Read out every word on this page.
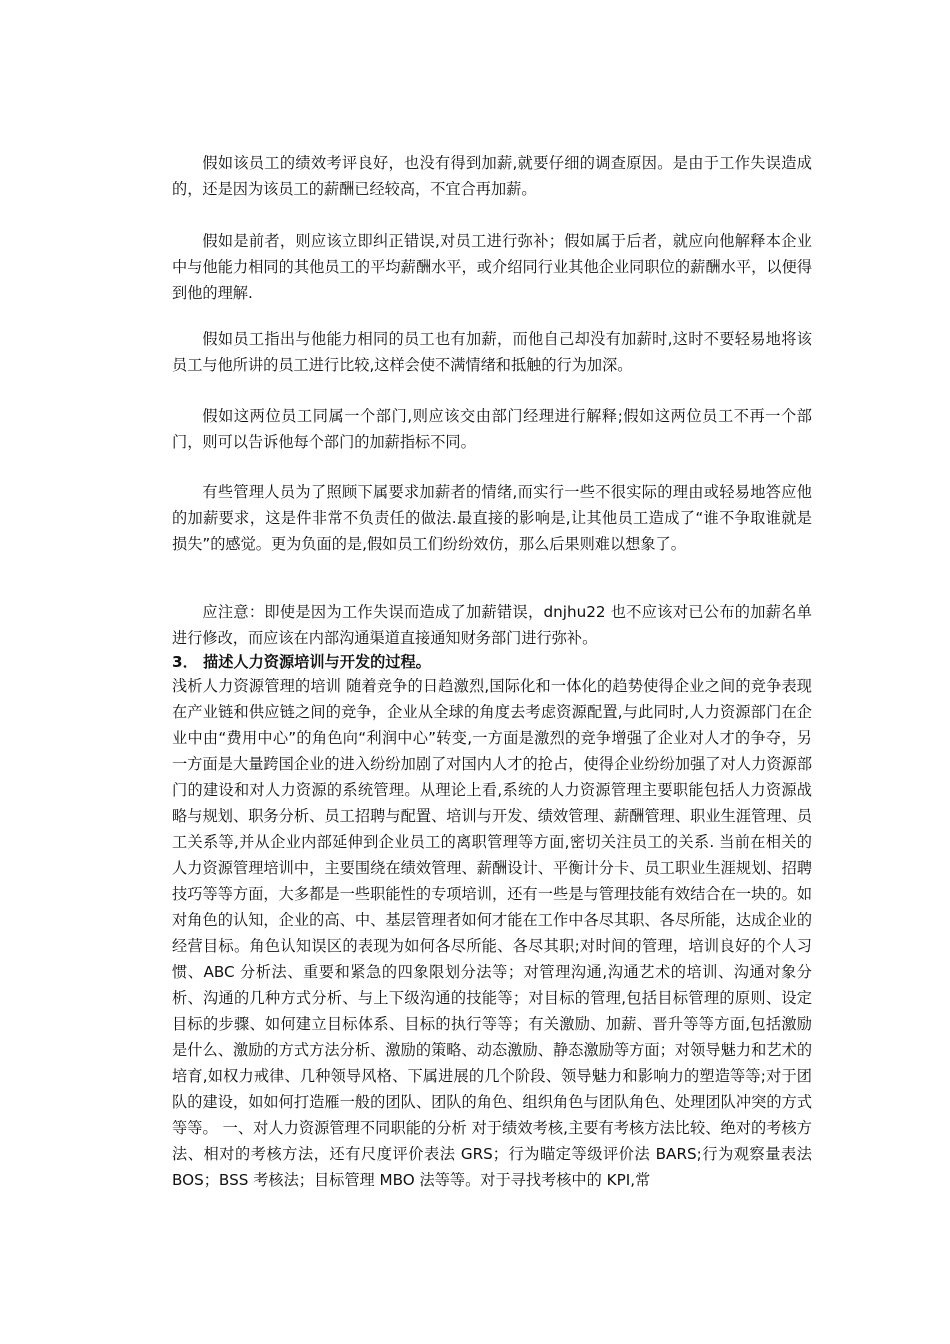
假如该员工的绩效考评良好，也没有得到加薪,就要仔细的调查原因。是由于工作失误造成的，还是因为该员工的薪酬已经较高，不宜合再加薪。

假如是前者，则应该立即纠正错误,对员工进行弥补；假如属于后者，就应向他解释本企业中与他能力相同的其他员工的平均薪酬水平，或介绍同行业其他企业同职位的薪酬水平，以便得到他的理解.

假如员工指出与他能力相同的员工也有加薪，而他自己却没有加薪时,这时不要轻易地将该员工与他所讲的员工进行比较,这样会使不满情绪和抵触的行为加深。

假如这两位员工同属一个部门,则应该交由部门经理进行解释;假如这两位员工不再一个部门，则可以告诉他每个部门的加薪指标不同。

有些管理人员为了照顾下属要求加薪者的情绪,而实行一些不很实际的理由或轻易地答应他的加薪要求，这是件非常不负责任的做法.最直接的影响是,让其他员工造成了“谁不争取谁就是损失”的感觉。更为负面的是,假如员工们纷纷效仿，那么后果则难以想象了。

应注意：即使是因为工作失误而造成了加薪错误，dnjhu22 也不应该对已公布的加薪名单进行修改，而应该在内部沟通渠道直接通知财务部门进行弥补。

3． 描述人力资源培训与开发的过程。

浅析人力资源管理的培训 随着竞争的日趋激烈,国际化和一体化的趋势使得企业之间的竞争表现在产业链和供应链之间的竞争，企业从全球的角度去考虑资源配置,与此同时,人力资源部门在企业中由“费用中心”的角色向“利润中心”转变,一方面是激烈的竞争增强了企业对人才的争夺，另一方面是大量跨国企业的进入纷纷加剧了对国内人才的抢占，使得企业纷纷加强了对人力资源部门的建设和对人力资源的系统管理。从理论上看,系统的人力资源管理主要职能包括人力资源战略与规划、职务分析、员工招聘与配置、培训与开发、绩效管理、薪酬管理、职业生涯管理、员工关系等,并从企业内部延伸到企业员工的离职管理等方面,密切关注员工的关系. 当前在相关的人力资源管理培训中，主要围绕在绩效管理、薪酬设计、平衡计分卡、员工职业生涯规划、招聘技巧等等方面，大多都是一些职能性的专项培训，还有一些是与管理技能有效结合在一块的。如对角色的认知，企业的高、中、基层管理者如何才能在工作中各尽其职、各尽所能，达成企业的经营目标。角色认知误区的表现为如何各尽所能、各尽其职;对时间的管理，培训良好的个人习惯、ABC 分析法、重要和紧急的四象限划分法等；对管理沟通,沟通艺术的培训、沟通对象分析、沟通的几种方式分析、与上下级沟通的技能等；对目标的管理,包括目标管理的原则、设定目标的步骤、如何建立目标体系、目标的执行等等；有关激励、加薪、晋升等等方面,包括激励是什么、激励的方式方法分析、激励的策略、动态激励、静态激励等方面；对领导魅力和艺术的培育,如权力戒律、几种领导风格、下属进展的几个阶段、领导魅力和影响力的塑造等等;对于团队的建设，如如何打造雁一般的团队、团队的角色、组织角色与团队角色、处理团队冲突的方式等等。 一、对人力资源管理不同职能的分析 对于绩效考核,主要有考核方法比较、绝对的考核方法、相对的考核方法，还有尺度评价表法 GRS；行为瞄定等级评价法 BARS;行为观察量表法 BOS；BSS 考核法；目标管理 MBO 法等等。对于寻找考核中的 KPI,常
